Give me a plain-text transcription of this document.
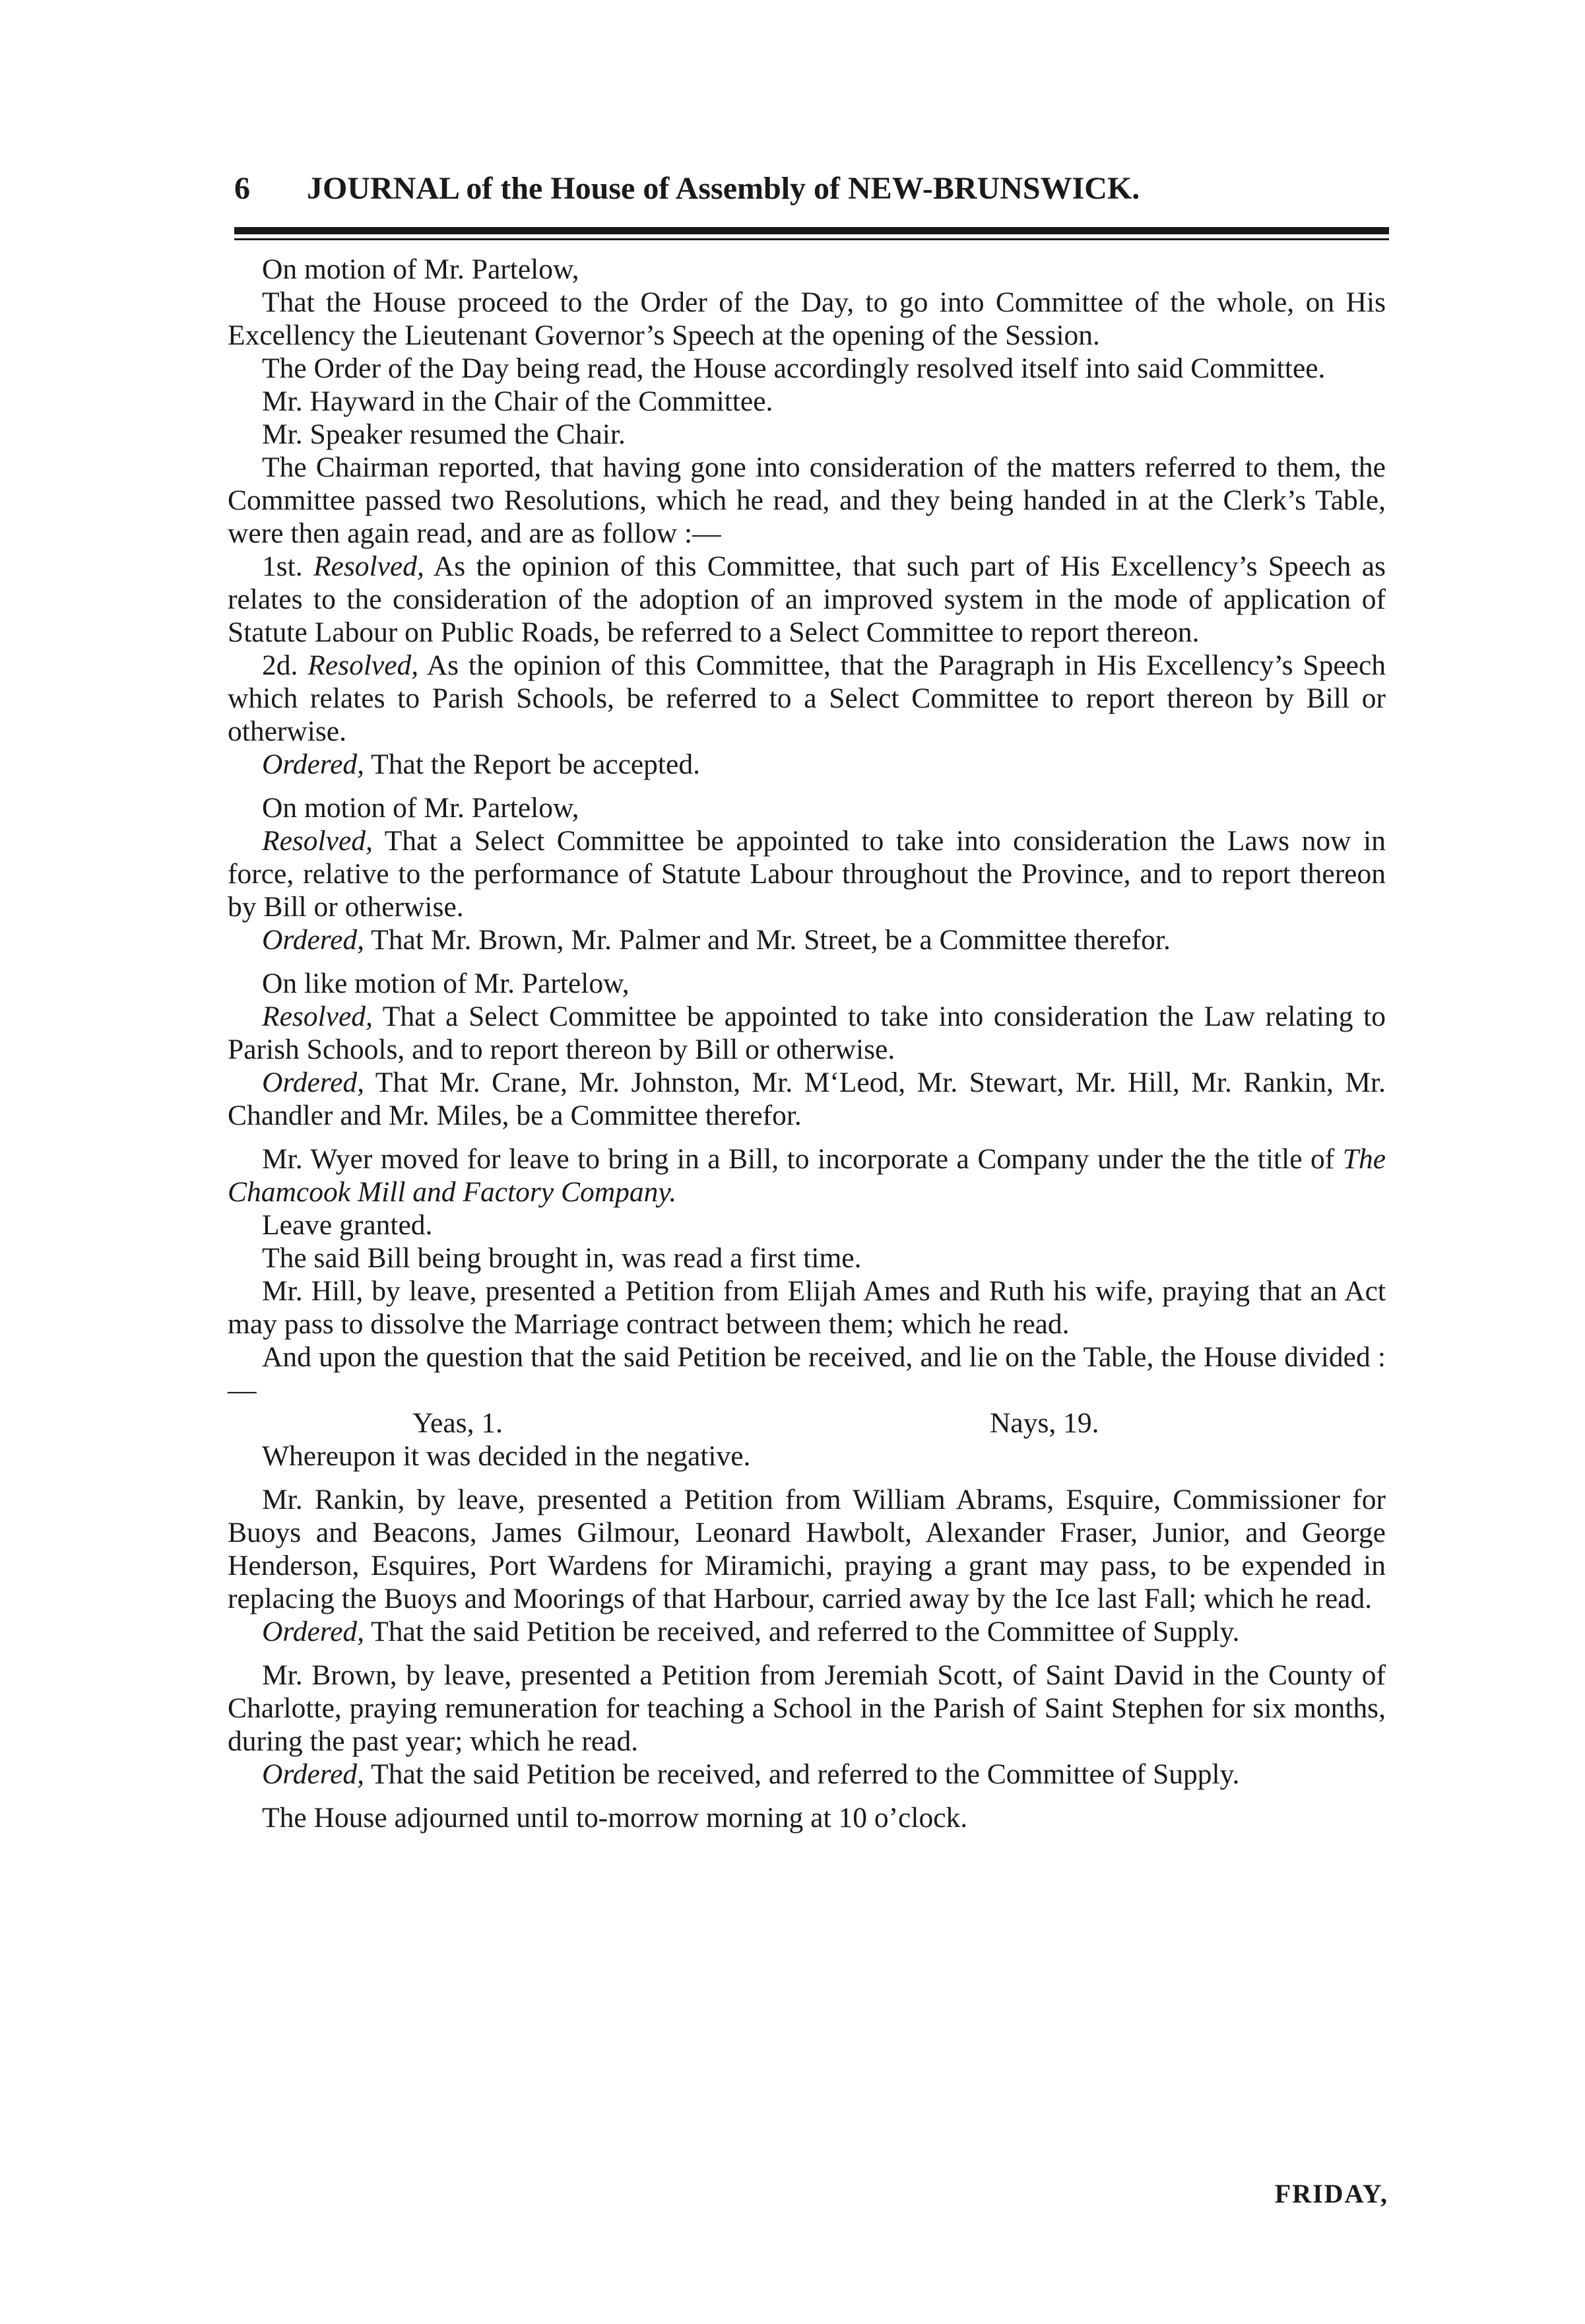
6 JOURNAL of the House of Assembly of NEW-BRUNSWICK.

On motion of Mr. Partelow,

That the House proceed to the Order of the Day, to go into Committee of the whole, on His Excellency the Lieutenant Governor’s Speech at the opening of the Session.

The Order of the Day being read, the House accordingly resolved itself into said Committee.

Mr. Hayward in the Chair of the Committee.

Mr. Speaker resumed the Chair.

The Chairman reported, that having gone into consideration of the matters referred to them, the Committee passed two Resolutions, which he read, and they being handed in at the Clerk’s Table, were then again read, and are as follow :—

1st. Resolved, As the opinion of this Committee, that such part of His Excellency’s Speech as relates to the consideration of the adoption of an improved system in the mode of application of Statute Labour on Public Roads, be referred to a Select Committee to report thereon.

2d. Resolved, As the opinion of this Committee, that the Paragraph in His Excellency’s Speech which relates to Parish Schools, be referred to a Select Committee to report thereon by Bill or otherwise.

Ordered, That the Report be accepted.

On motion of Mr. Partelow,

Resolved, That a Select Committee be appointed to take into consideration the Laws now in force, relative to the performance of Statute Labour throughout the Province, and to report thereon by Bill or otherwise.

Ordered, That Mr. Brown, Mr. Palmer and Mr. Street, be a Committee therefor.

On like motion of Mr. Partelow,

Resolved, That a Select Committee be appointed to take into consideration the Law relating to Parish Schools, and to report thereon by Bill or otherwise.

Ordered, That Mr. Crane, Mr. Johnston, Mr. M‘Leod, Mr. Stewart, Mr. Hill, Mr. Rankin, Mr. Chandler and Mr. Miles, be a Committee therefor.

Mr. Wyer moved for leave to bring in a Bill, to incorporate a Company under the the title of The Chamcook Mill and Factory Company.

Leave granted.

The said Bill being brought in, was read a first time.

Mr. Hill, by leave, presented a Petition from Elijah Ames and Ruth his wife, praying that an Act may pass to dissolve the Marriage contract between them; which he read.

And upon the question that the said Petition be received, and lie on the Table, the House divided :—

Yeas, 1.	Nays, 19.

Whereupon it was decided in the negative.

Mr. Rankin, by leave, presented a Petition from William Abrams, Esquire, Commissioner for Buoys and Beacons, James Gilmour, Leonard Hawbolt, Alexander Fraser, Junior, and George Henderson, Esquires, Port Wardens for Miramichi, praying a grant may pass, to be expended in replacing the Buoys and Moorings of that Harbour, carried away by the Ice last Fall; which he read.

Ordered, That the said Petition be received, and referred to the Committee of Supply.

Mr. Brown, by leave, presented a Petition from Jeremiah Scott, of Saint David in the County of Charlotte, praying remuneration for teaching a School in the Parish of Saint Stephen for six months, during the past year; which he read.

Ordered, That the said Petition be received, and referred to the Committee of Supply.

The House adjourned until to-morrow morning at 10 o’clock.

FRIDAY,
